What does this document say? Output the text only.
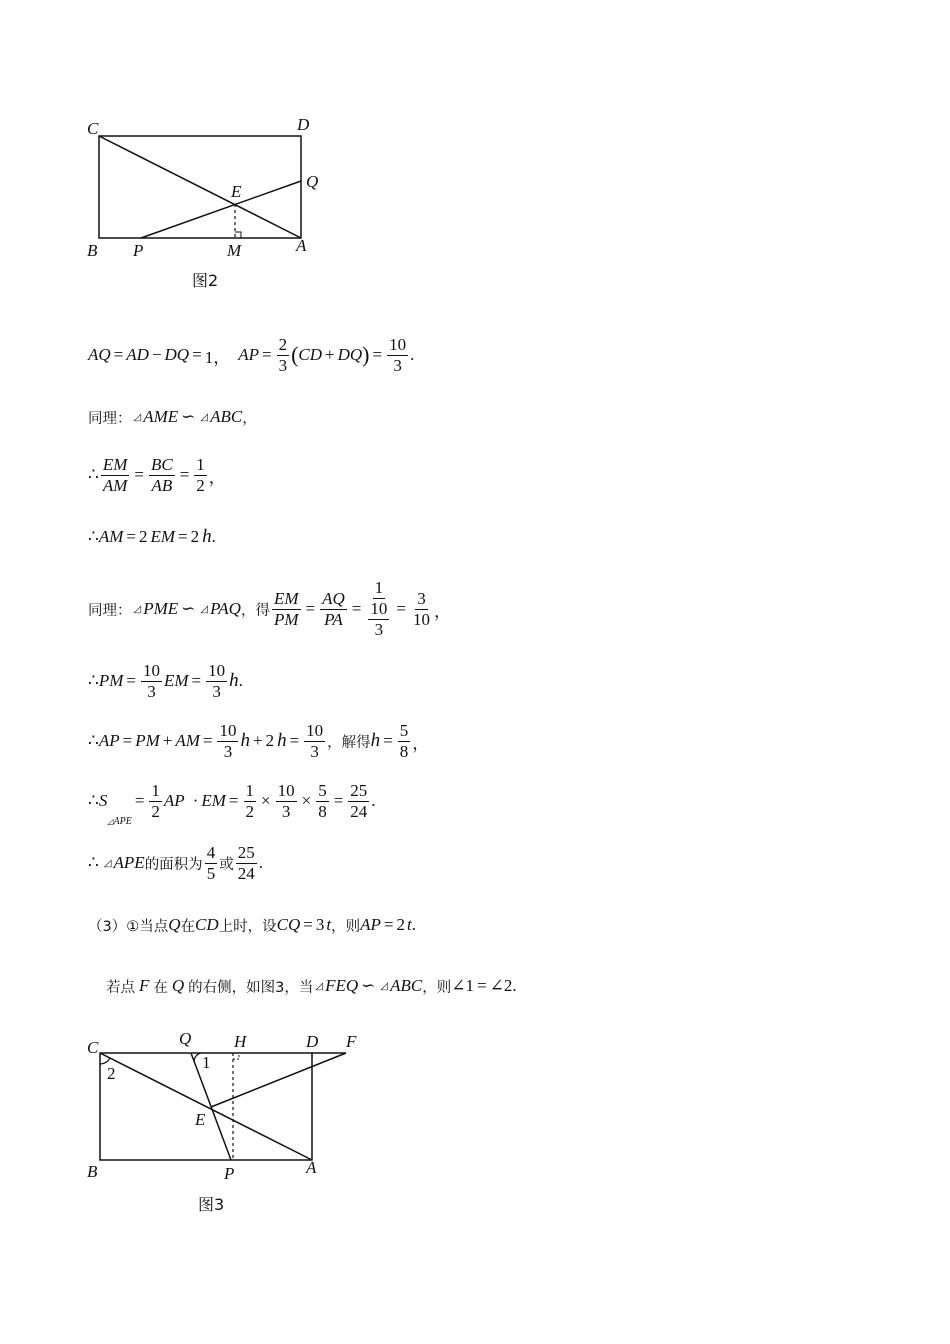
C	D
Q
E
B P	M	A
图2
AQ = AD − DQ = 1， AP = $\frac{2}{3}$ ( CD + DQ ) = $\frac{10}{3}$ .
同理： ◿ AME ∽ ◿ ABC ，
∴ $\frac{EM}{AM} = \frac{BC}{AB} = \frac{1}{2}$ ，
∴ AM = 2 EM = 2 h .
同理： ◿ PME ∽ ◿ PAQ ，得 $\frac{EM}{PM} = \frac{AQ}{PA} = \frac{1}{\frac{10}{3}} = \frac{3}{10}$ ，
∴ PM = $\frac{10}{3}$ EM = $\frac{10}{3}$ h .
∴ AP = PM + AM = $\frac{10}{3}$ h + 2 $h = \frac{10}{3}$ ，解得 $h = \frac{5}{8}$ ，
∴ S
◿APE
= $\frac{1}{2}$ AP · EM = $\frac{1}{2} \times \frac{10}{3} \times \frac{5}{8} = \frac{25}{24}$ .
∴ ◿ APE 的面积为 $\frac{4}{5}$ 或 $\frac{25}{24}$ .
（3）①当点 Q 在 CD 上时，设 CQ = 3 t ，则 AP = 2 t .
若点 F 在 Q 的右侧，如图3，当 ◿ FEQ ∽ ◿ ABC ，则 ∠ 1 = ∠ 2 .
C	Q	H	D F
2
1
E
B	P	A
图3
